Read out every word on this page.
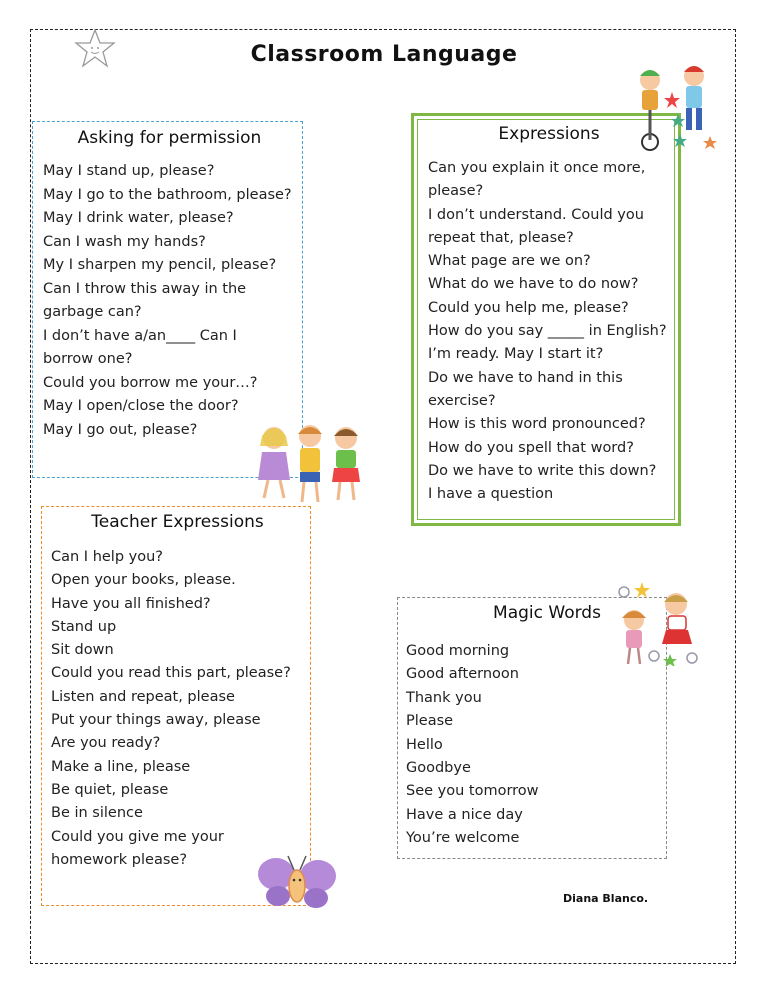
Classroom Language
Asking for permission
May I stand up, please?
May I go to the bathroom, please?
May I drink water, please?
Can I wash my hands?
My I sharpen my pencil, please?
Can I throw this away in the
garbage can?
I don’t have a/an____ Can I
borrow one?
Could you borrow me your…?
May I open/close the door?
May I go out, please?
Expressions
Can you explain it once more,
please?
I don’t understand. Could you
repeat that, please?
What page are we on?
What do we have to do now?
Could you help me, please?
How do you say _____ in English?
I’m ready. May I start it?
Do we have to hand in this
exercise?
How is this word pronounced?
How do you spell that word?
Do we have to write this down?
I have a question
Teacher Expressions
Can I help you?
Open your books, please.
Have you all finished?
Stand up
Sit down
Could you read this part, please?
Listen and repeat, please
Put your things away, please
Are you ready?
Make a line, please
Be quiet, please
Be in silence
Could you give me your
homework please?
Magic Words
Good morning
Good afternoon
Thank you
Please
Hello
Goodbye
See you tomorrow
Have a nice day
You’re welcome
Diana Blanco.
